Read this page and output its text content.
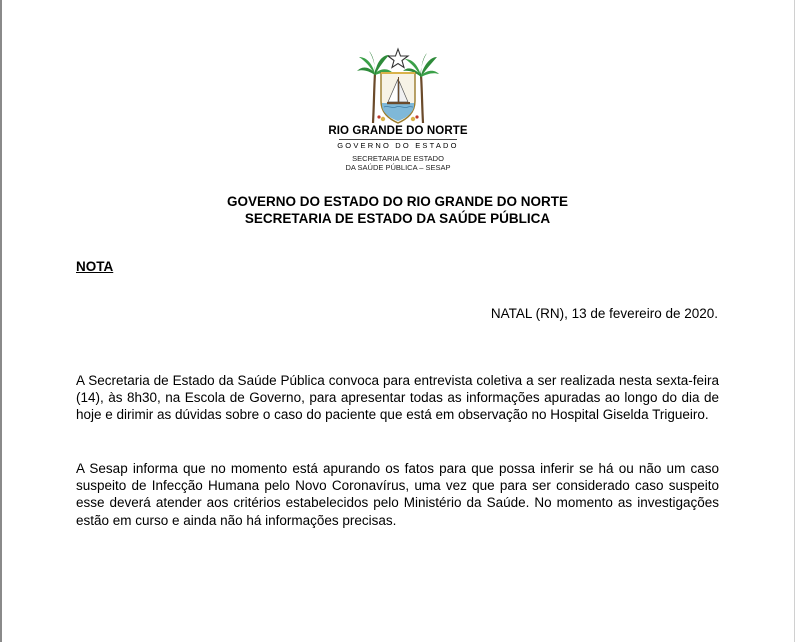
RIO GRANDE DO NORTE
GOVERNO DO ESTADO
SECRETARIA DE ESTADO
DA SAÚDE PÚBLICA – SESAP
GOVERNO DO ESTADO DO RIO GRANDE DO NORTE
SECRETARIA DE ESTADO DA SAÚDE PÚBLICA
NOTA
NATAL (RN), 13 de fevereiro de 2020.
A Secretaria de Estado da Saúde Pública convoca para entrevista coletiva a ser realizada nesta sexta-feira (14), às 8h30, na Escola de Governo, para apresentar todas as informações apuradas ao longo do dia de hoje e dirimir as dúvidas sobre o caso do paciente que está em observação no Hospital Giselda Trigueiro.
A Sesap informa que no momento está apurando os fatos para que possa inferir se há ou não um caso suspeito de Infecção Humana pelo Novo Coronavírus, uma vez que para ser considerado caso suspeito esse deverá atender aos critérios estabelecidos pelo Ministério da Saúde. No momento as investigações estão em curso e ainda não há informações precisas.
